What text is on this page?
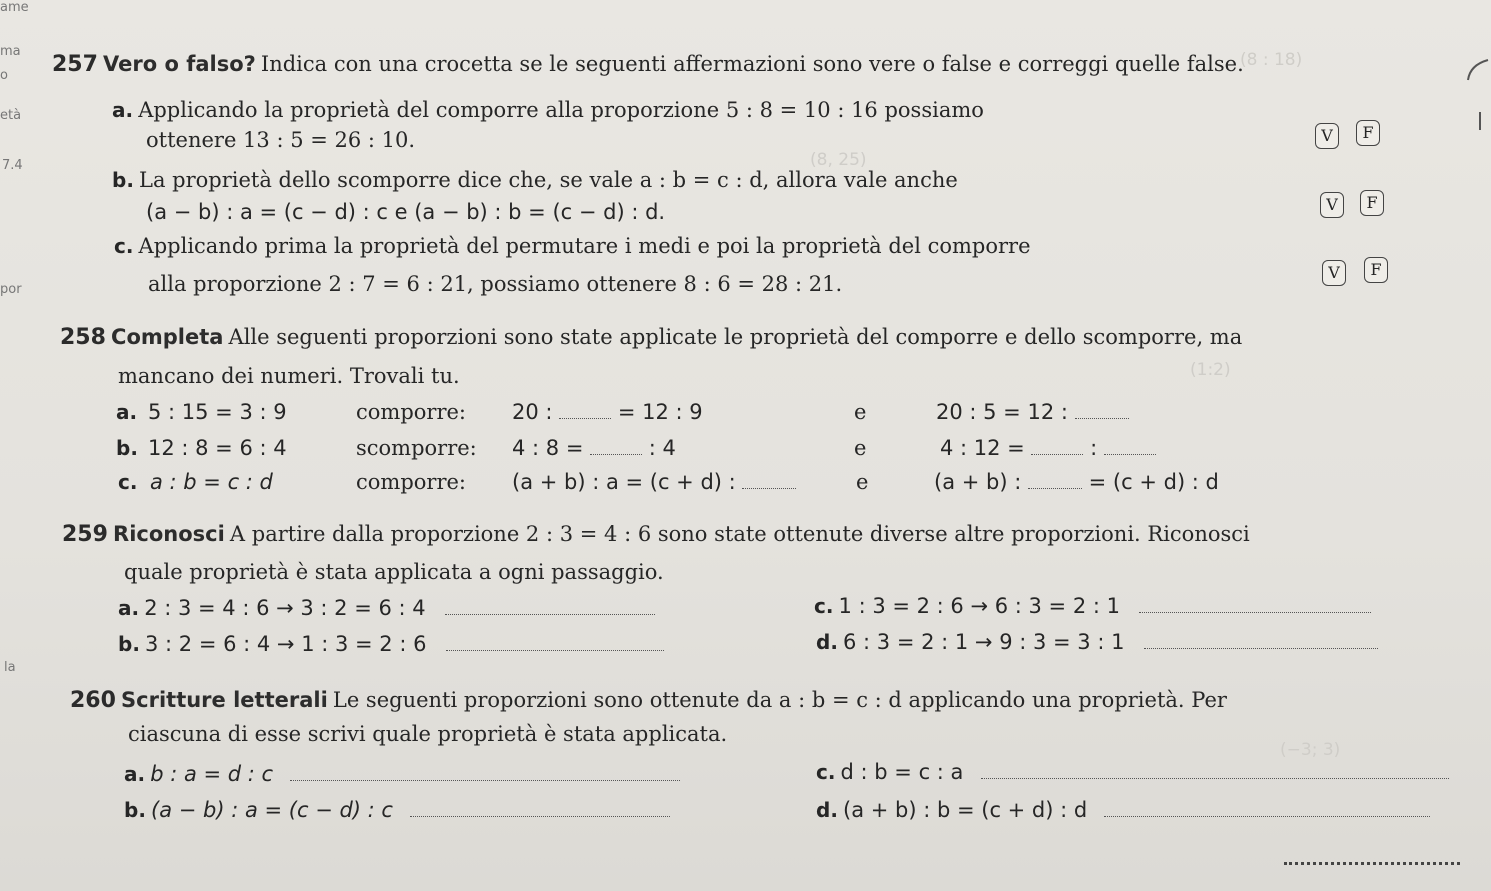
ame
ma
o
età
7.4
por
la
(8, 25)
(8 : 18)
(1:2)
(−3; 3)
257 Vero o falso? Indica con una crocetta se le seguenti affermazioni sono vere o false e correggi quelle false.
a. Applicando la proprietà del comporre alla proporzione 5 : 8 = 10 : 16 possiamo
ottenere 13 : 5 = 26 : 10.	V	F
b. La proprietà dello scomporre dice che, se vale a : b = c : d, allora vale anche
(a − b) : a = (c − d) : c e (a − b) : b = (c − d) : d.	V	F
c. Applicando prima la proprietà del permutare i medi e poi la proprietà del comporre
alla proporzione 2 : 7 = 6 : 21, possiamo ottenere 8 : 6 = 28 : 21.	V	F
258 Completa Alle seguenti proporzioni sono state applicate le proprietà del comporre e dello scomporre, ma
mancano dei numeri. Trovali tu.
a. 5 : 15 = 3 : 9	comporre: 20 :	= 12 : 9	e	20 : 5 = 12 :
b. 12 : 8 = 6 : 4	scomporre: 4 : 8 =	: 4	e	4 : 12 =	:
c. a : b = c : d	comporre: (a + b) : a = (c + d) :	e	(a + b) :	= (c + d) : d
259 Riconosci A partire dalla proporzione 2 : 3 = 4 : 6 sono state ottenute diverse altre proporzioni. Riconosci
quale proprietà è stata applicata a ogni passaggio.
a. 2 : 3 = 4 : 6 → 3 : 2 = 6 : 4
b. 3 : 2 = 6 : 4 → 1 : 3 = 2 : 6
c. 1 : 3 = 2 : 6 → 6 : 3 = 2 : 1
d. 6 : 3 = 2 : 1 → 9 : 3 = 3 : 1
260 Scritture letterali Le seguenti proporzioni sono ottenute da a : b = c : d applicando una proprietà. Per
ciascuna di esse scrivi quale proprietà è stata applicata.
a. b : a = d : c
b. (a − b) : a = (c − d) : c
c. d : b = c : a
d. (a + b) : b = (c + d) : d
